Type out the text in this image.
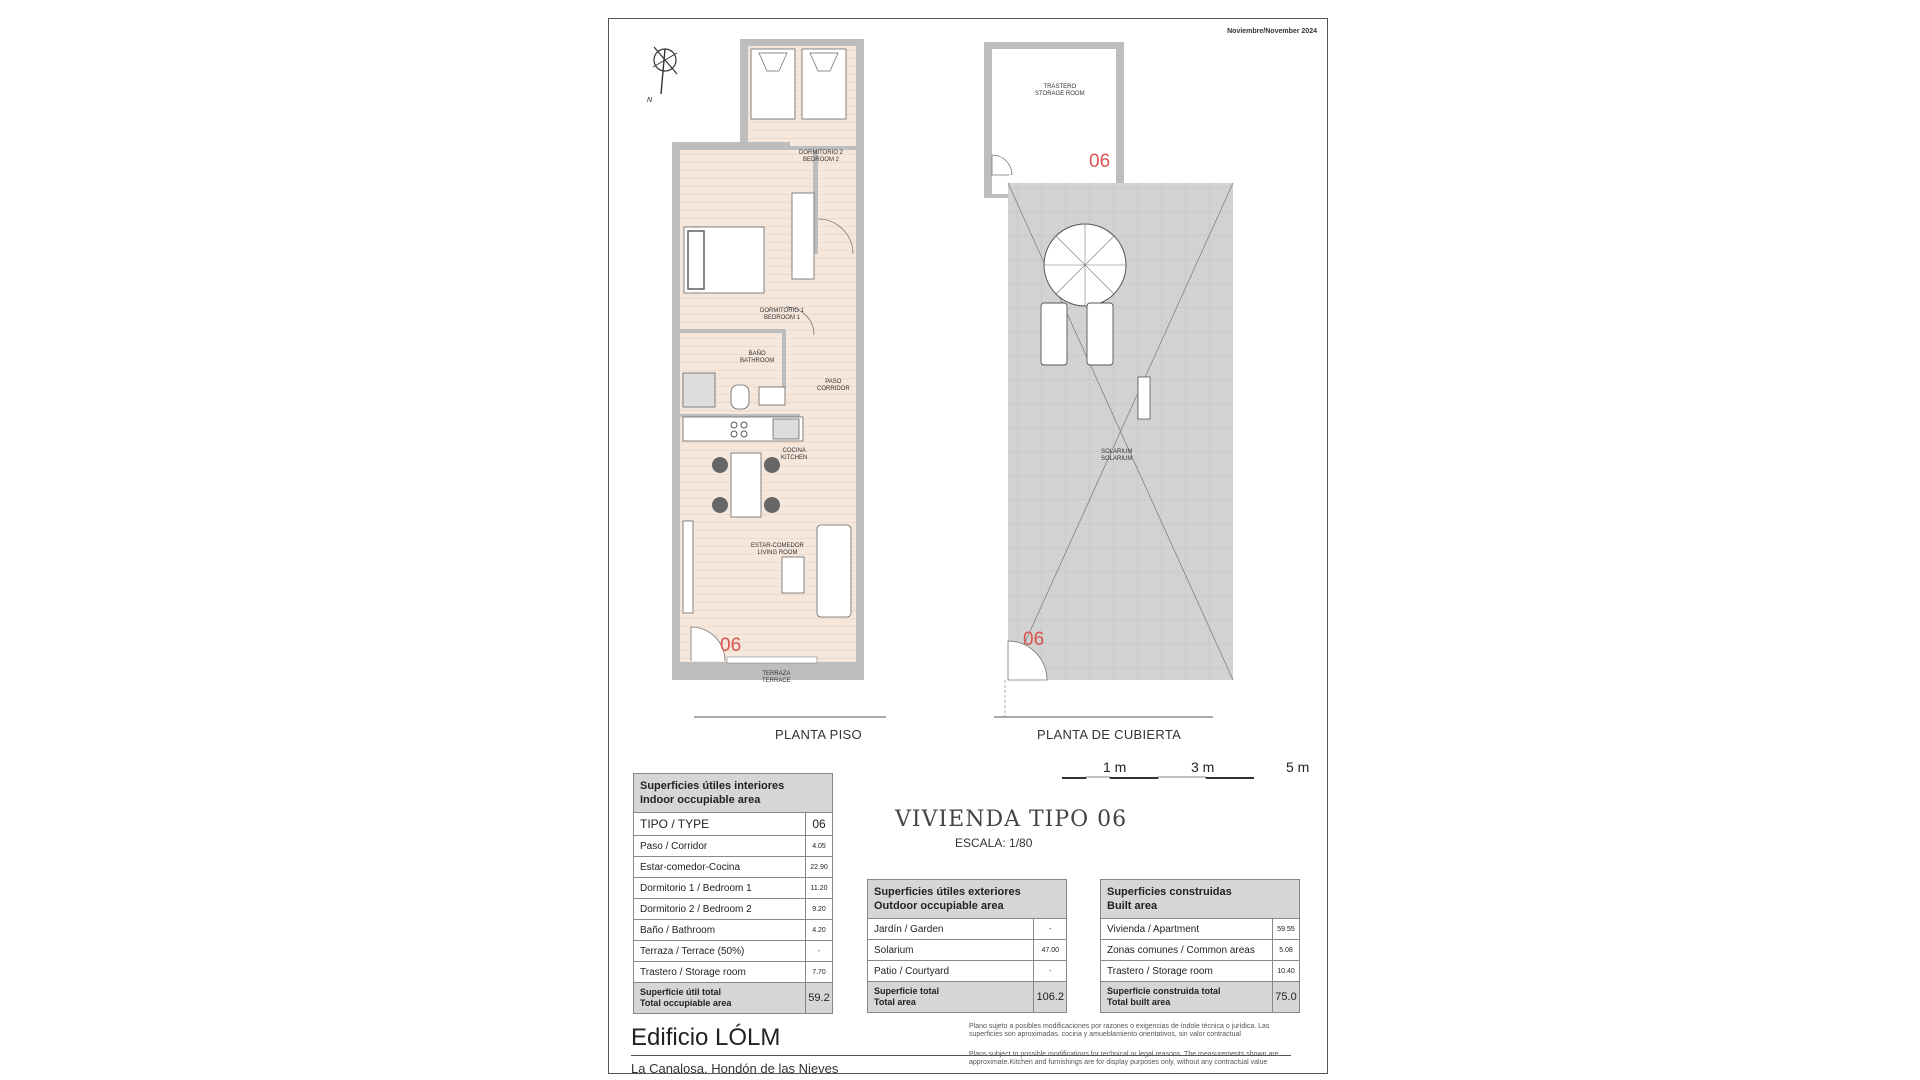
Noviembre/November 2024
DORMITORIO 2
BEDROOM 2
DORMITORIO 1
BEDROOM 1
BAÑO
BATHROOM
PASO
CORRIDOR
COCINA
KITCHEN
ESTAR-COMEDOR
LIVING ROOM
TERRAZA
TERRACE
06
TRASTERO
STORAGE ROOM
SOLARIUM
SOLARIUM
06
06
PLANTA PISO	PLANTA DE CUBIERTA
N
1 m	3 m	5 m
VIVIENDA TIPO 06
ESCALA: 1/80
Superficies útiles interiores
Indoor occupiable area	

TIPO / TYPE	06
Paso / Corridor	4.05
Estar-comedor-Cocina	22.90
Dormitorio 1 / Bedroom 1	11.20
Dormitorio 2 / Bedroom 2	9.20
Baño / Bathroom	4.20
Terraza / Terrace (50%)	-
Trastero / Storage room	7.70

Superficie útil total
Total occupiable area	59.2
Superficies útiles exteriores
Outdoor occupiable area	

Jardín / Garden	-
Solarium	47.00
Patio / Courtyard	-

Superficie total
Total area	106.2
Superficies construidas
Built area	

Vivienda / Apartment	59.55
Zonas comunes / Common areas	5.08
Trastero / Storage room	10.40

Superficie construida total
Total built area	75.0
Edificio LÓLM
La Canalosa. Hondón de las Nieves
Plano sujeto a posibles modificaciones por razones o exigencias de índole técnica o jurídica. Las superficies son aproximadas. cocina y amueblamiento orientativos, sin valor contractual
Plans subject to possible modifications for technical or legal reasons. The measurements shown are approximate.Kitchen and furnishings are for display purposes only, without any contractual value
